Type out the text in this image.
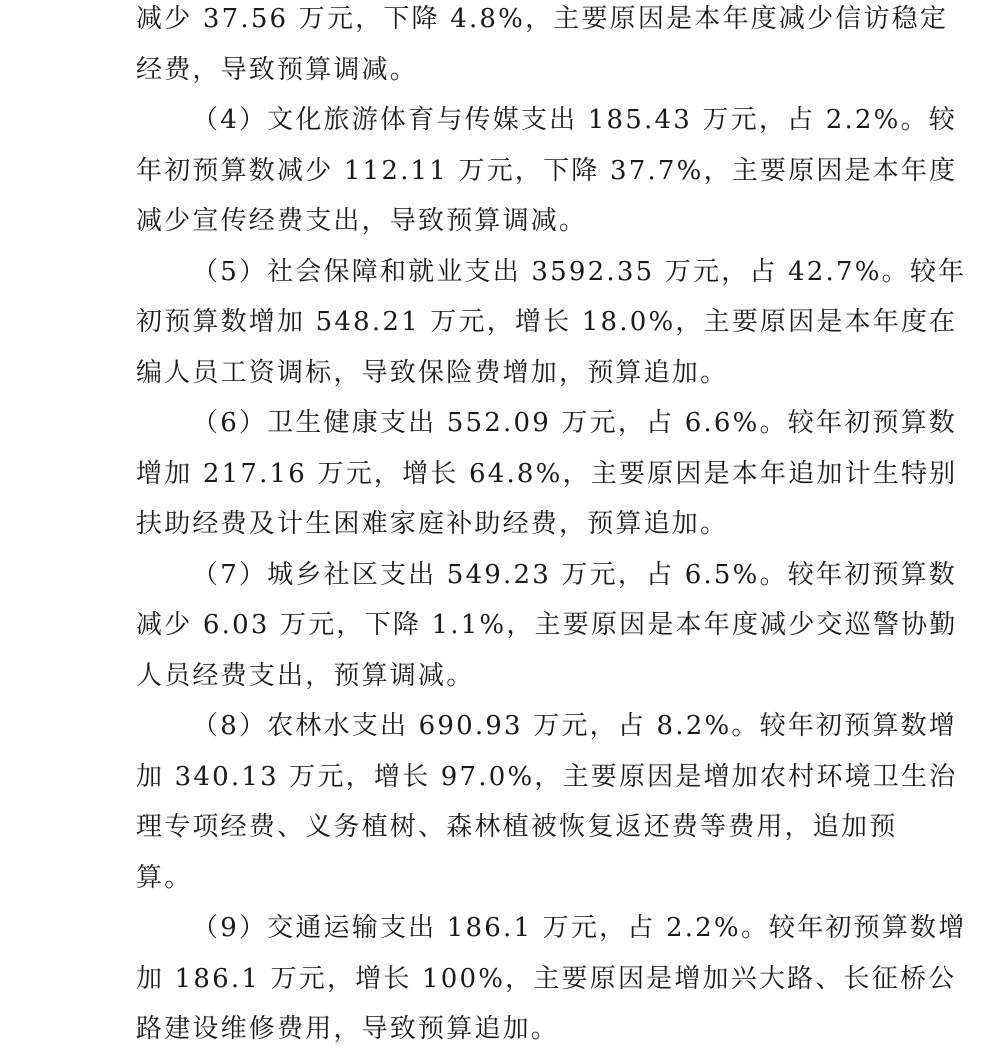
减少 37.56 万元，下降 4.8%，主要原因是本年度减少信访稳定
经费，导致预算调减。
（4）文化旅游体育与传媒支出 185.43 万元，占 2.2%。较
年初预算数减少 112.11 万元，下降 37.7%，主要原因是本年度
减少宣传经费支出，导致预算调减。
（5）社会保障和就业支出 3592.35 万元，占 42.7%。较年
初预算数增加 548.21 万元，增长 18.0%，主要原因是本年度在
编人员工资调标，导致保险费增加，预算追加。
（6）卫生健康支出 552.09 万元，占 6.6%。较年初预算数
增加 217.16 万元，增长 64.8%，主要原因是本年追加计生特别
扶助经费及计生困难家庭补助经费，预算追加。
（7）城乡社区支出 549.23 万元，占 6.5%。较年初预算数
减少 6.03 万元，下降 1.1%，主要原因是本年度减少交巡警协勤
人员经费支出，预算调减。
（8）农林水支出 690.93 万元，占 8.2%。较年初预算数增
加 340.13 万元，增长 97.0%，主要原因是增加农村环境卫生治
理专项经费、义务植树、森林植被恢复返还费等费用，追加预
算。
（9）交通运输支出 186.1 万元，占 2.2%。较年初预算数增
加 186.1 万元，增长 100%，主要原因是增加兴大路、长征桥公
路建设维修费用，导致预算追加。
